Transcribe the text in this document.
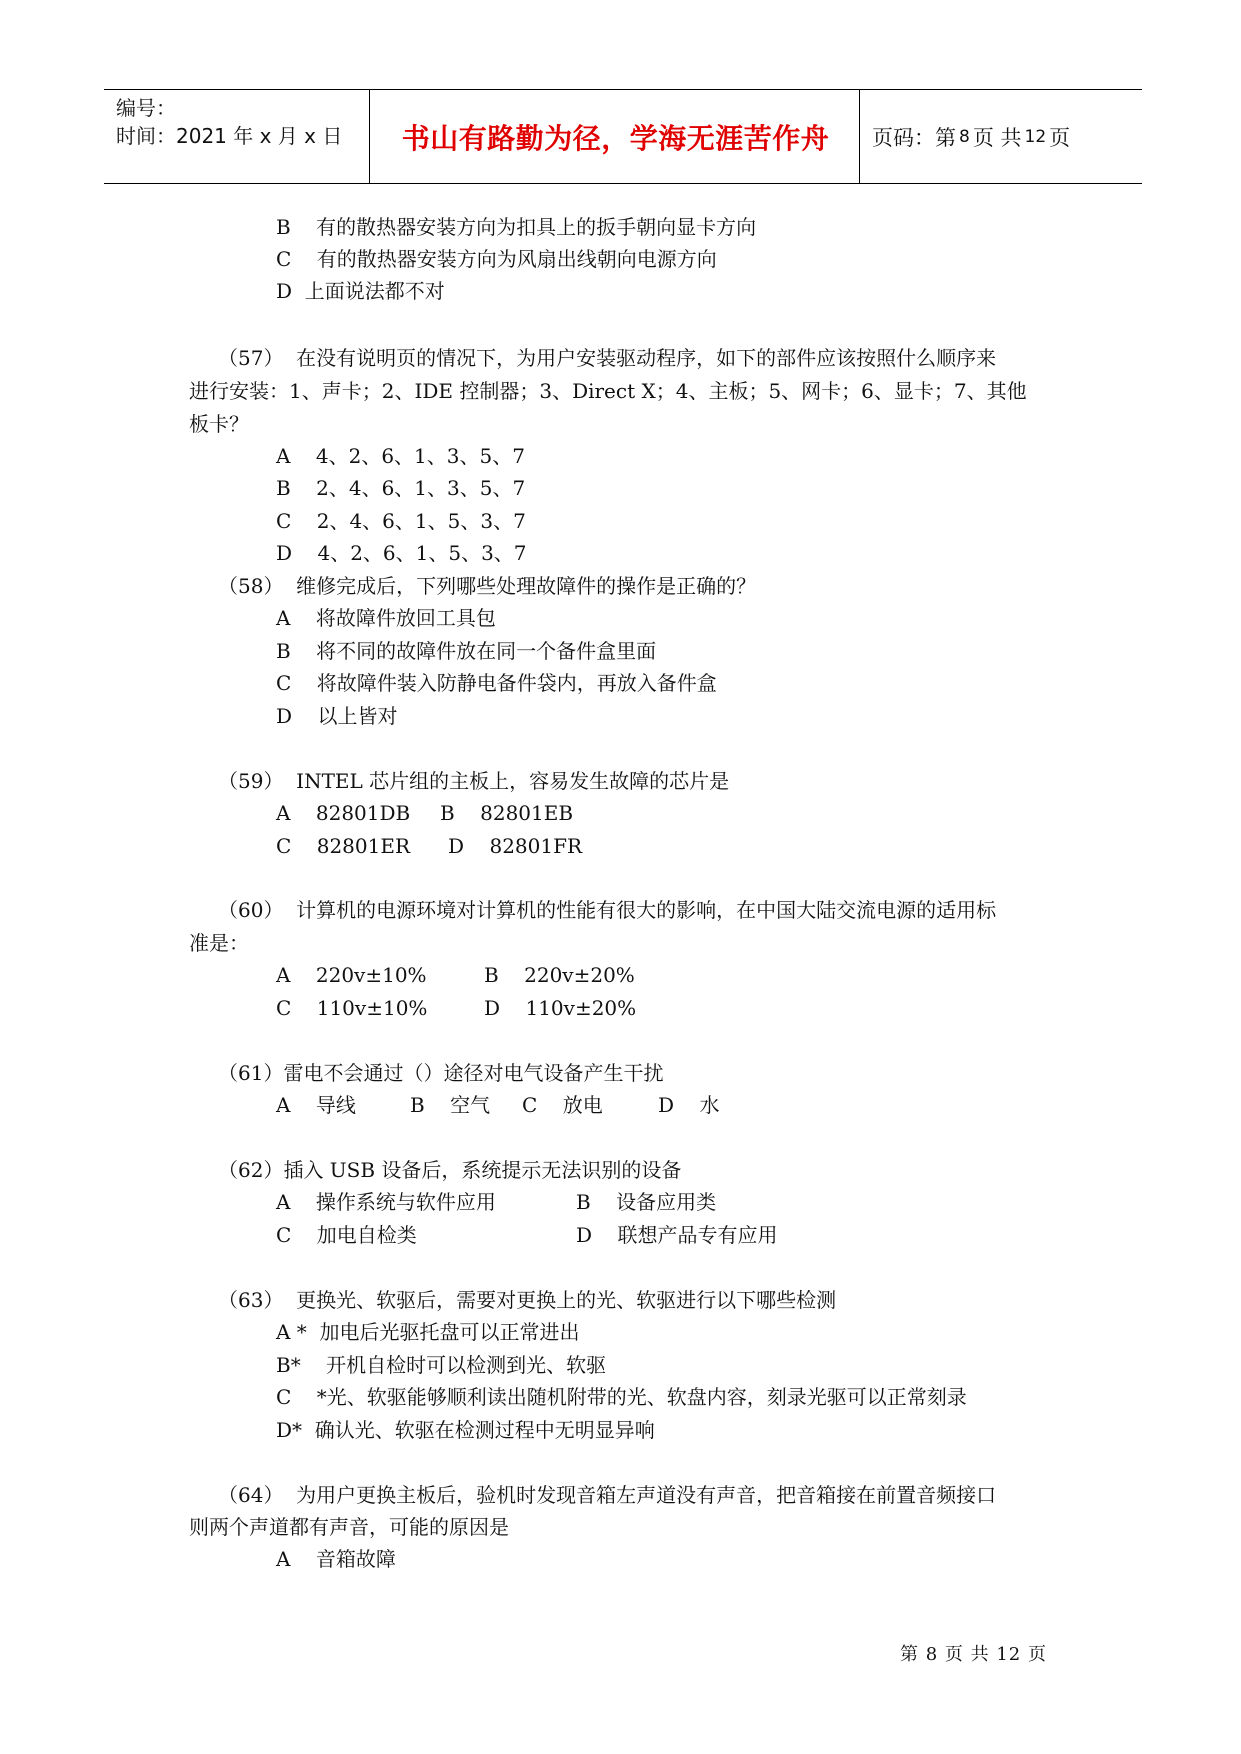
编号：
时间：2021 年 x 月 x 日	书山有路勤为径，学海无涯苦作舟	页码：第 8 页 共 12 页
B    有的散热器安装方向为扣具上的扳手朝向显卡方向
C    有的散热器安装方向为风扇出线朝向电源方向
D  上面说法都不对
（57）  在没有说明页的情况下，为用户安装驱动程序，如下的部件应该按照什么顺序来
进行安装：1、声卡；2、IDE 控制器；3、Direct X；4、主板；5、网卡；6、显卡；7、其他
板卡？
A    4、2、6、1、3、5、7
B    2、4、6、1、3、5、7
C    2、4、6、1、5、3、7
D    4、2、6、1、5、3、7
（58）  维修完成后，下列哪些处理故障件的操作是正确的？
A    将故障件放回工具包
B    将不同的故障件放在同一个备件盒里面
C    将故障件装入防静电备件袋内，再放入备件盒
D    以上皆对
（59）  INTEL 芯片组的主板上，容易发生故障的芯片是
A    82801DB B    82801EB
C    82801ER D    82801FR
（60）  计算机的电源环境对计算机的性能有很大的影响，在中国大陆交流电源的适用标
准是：
A    220v±10%	B    220v±20%
C    110v±10%	D    110v±20%
（61）雷电不会通过（）途径对电气设备产生干扰
A    导线	B    空气 C    放电	D    水
（62）插入 USB 设备后，系统提示无法识别的设备
A    操作系统与软件应用	B    设备应用类
C    加电自检类	D    联想产品专有应用
（63）  更换光、软驱后，需要对更换上的光、软驱进行以下哪些检测
A *  加电后光驱托盘可以正常进出
B*    开机自检时可以检测到光、软驱
C    *光、软驱能够顺利读出随机附带的光、软盘内容，刻录光驱可以正常刻录
D*  确认光、软驱在检测过程中无明显异响
（64）  为用户更换主板后，验机时发现音箱左声道没有声音，把音箱接在前置音频接口
则两个声道都有声音，可能的原因是
A    音箱故障
第 8 页 共 12 页
